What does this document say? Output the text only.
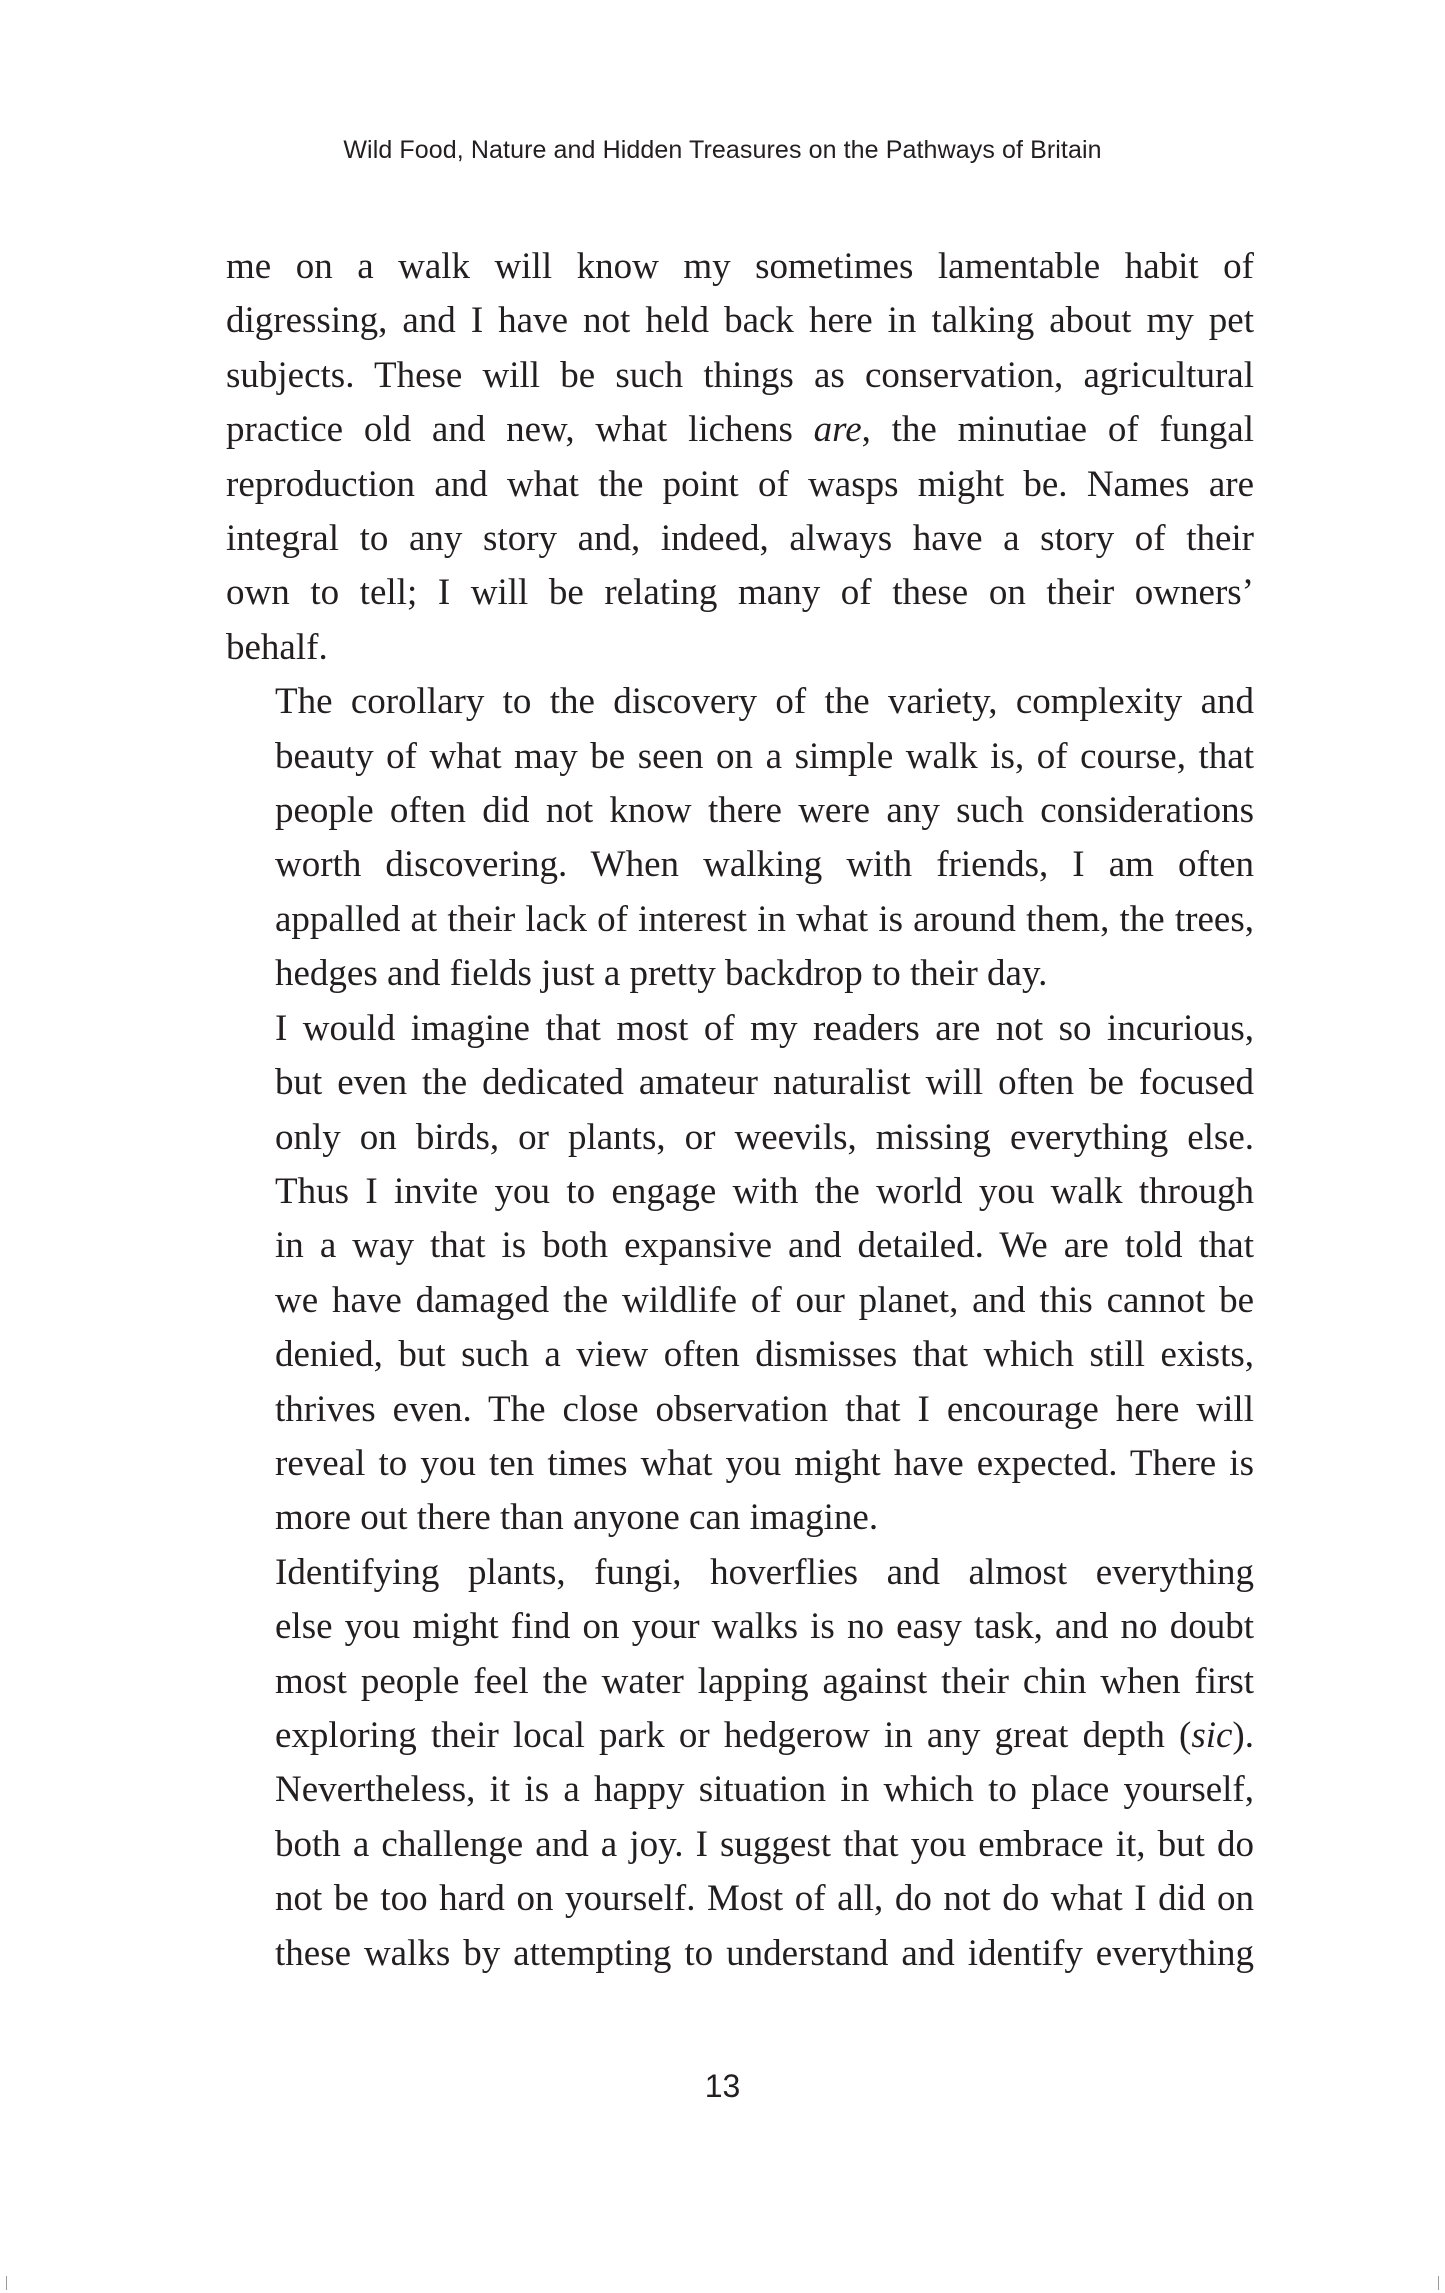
Wild Food, Nature and Hidden Treasures on the Pathways of Britain

me on a walk will know my sometimes lamentable habit of
digressing, and I have not held back here in talking about my pet
subjects. These will be such things as conservation, agricultural
practice old and new, what lichens are, the minutiae of fungal
reproduction and what the point of wasps might be. Names are
integral to any story and, indeed, always have a story of their
own to tell; I will be relating many of these on their owners’
behalf.

The corollary to the discovery of the variety, complexity and
beauty of what may be seen on a simple walk is, of course, that
people often did not know there were any such considerations
worth discovering. When walking with friends, I am often
appalled at their lack of interest in what is around them, the trees,
hedges and fields just a pretty backdrop to their day.

I would imagine that most of my readers are not so incurious,
but even the dedicated amateur naturalist will often be focused
only on birds, or plants, or weevils, missing everything else.
Thus I invite you to engage with the world you walk through
in a way that is both expansive and detailed. We are told that
we have damaged the wildlife of our planet, and this cannot be
denied, but such a view often dismisses that which still exists,
thrives even. The close observation that I encourage here will
reveal to you ten times what you might have expected. There is
more out there than anyone can imagine.

Identifying plants, fungi, hoverflies and almost everything
else you might find on your walks is no easy task, and no doubt
most people feel the water lapping against their chin when first
exploring their local park or hedgerow in any great depth (sic).
Nevertheless, it is a happy situation in which to place yourself,
both a challenge and a joy. I suggest that you embrace it, but do
not be too hard on yourself. Most of all, do not do what I did on
these walks by attempting to understand and identify everything

13
